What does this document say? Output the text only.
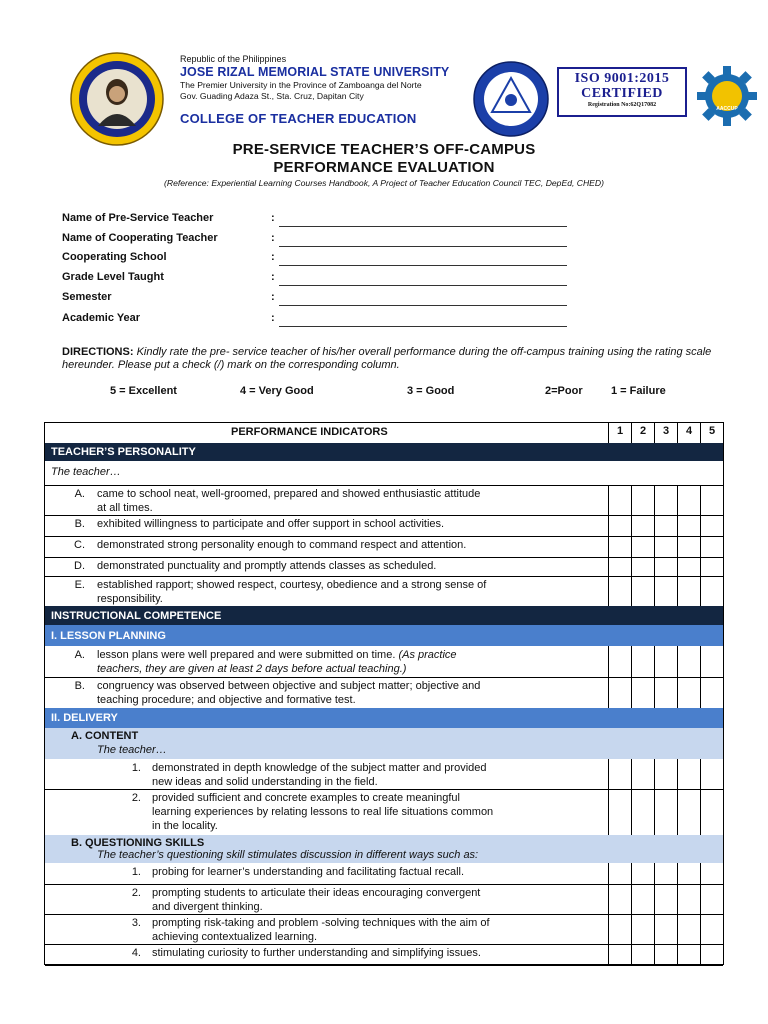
Republic of the Philippines
JOSE RIZAL MEMORIAL STATE UNIVERSITY
The Premier University in the Province of Zamboanga del Norte
Gov. Guading Adaza St., Sta. Cruz, Dapitan City
COLLEGE OF TEACHER EDUCATION
ISO 9001:2015
CERTIFIED
Registration No:62Q17082
AACCUP
PRE-SERVICE TEACHER’S OFF-CAMPUS
PERFORMANCE EVALUATION
(Reference: Experiential Learning Courses Handbook, A Project of Teacher Education Council TEC, DepEd, CHED)
Name of Pre-Service Teacher	:
Name of Cooperating Teacher	:
Cooperating School	:
Grade Level Taught	:
Semester	:
Academic Year	:
DIRECTIONS: Kindly rate the pre- service teacher of his/her overall performance during the off-campus training using the rating scale hereunder. Please put a check (/) mark on the corresponding column.
5 = Excellent	4 = Very Good	3 = Good	2=Poor	1 = Failure
PERFORMANCE INDICATORS	1	2	3	4	5
TEACHER’S PERSONALITY
The teacher…
A. came to school neat, well-groomed, prepared and showed enthusiastic attitude
at all times.
B. exhibited willingness to participate and offer support in school activities.
C. demonstrated strong personality enough to command respect and attention.
D. demonstrated punctuality and promptly attends classes as scheduled.
E. established rapport; showed respect, courtesy, obedience and a strong sense of
responsibility.
INSTRUCTIONAL COMPETENCE
I. LESSON PLANNING
A. lesson plans were well prepared and were submitted on time. (As practice
teachers, they are given at least 2 days before actual teaching.)
B. congruency was observed between objective and subject matter; objective and
teaching procedure; and objective and formative test.
II. DELIVERY
A. CONTENT
The teacher…
1. demonstrated in depth knowledge of the subject matter and provided
new ideas and solid understanding in the field.
2. provided sufficient and concrete examples to create meaningful
learning experiences by relating lessons to real life situations common
in the locality.
B. QUESTIONING SKILLS
The teacher’s questioning skill stimulates discussion in different ways such as:
1. probing for learner’s understanding and facilitating factual recall.
2. prompting students to articulate their ideas encouraging convergent
and divergent thinking.
3. prompting risk-taking and problem -solving techniques with the aim of
achieving contextualized learning.
4. stimulating curiosity to further understanding and simplifying issues.
